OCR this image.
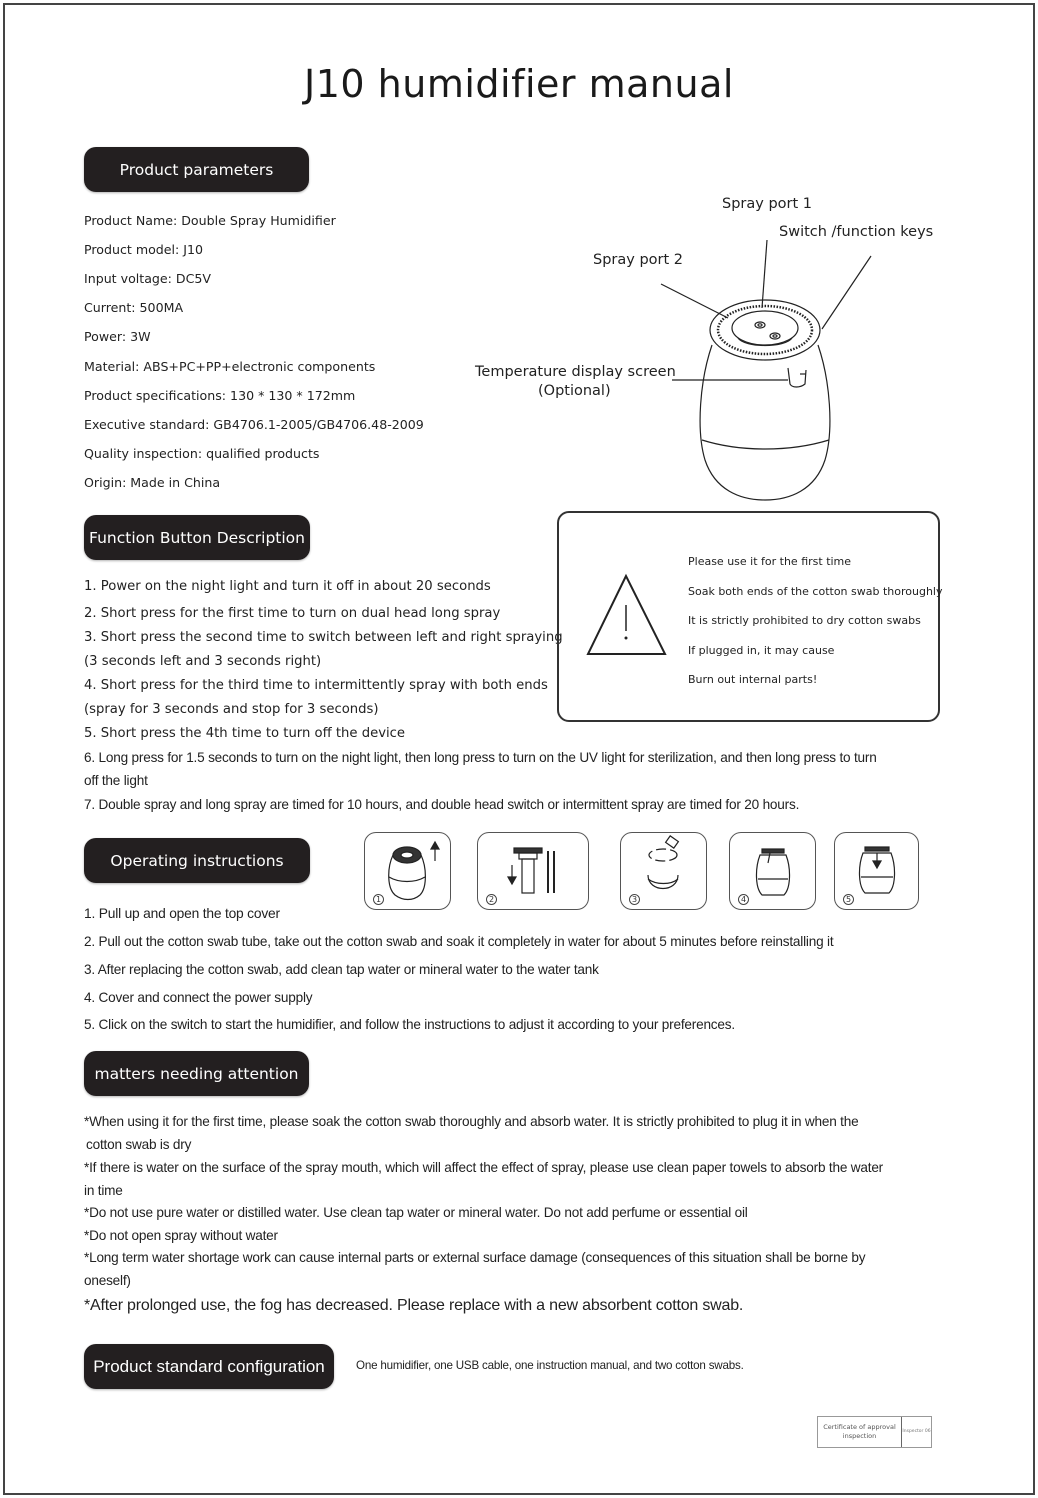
J10 humidifier manual
Product parameters
Product Name: Double Spray Humidifier
Product model: J10
Input voltage: DC5V
Current: 500MA
Power: 3W
Material: ABS+PC+PP+electronic components
Product specifications: 130 * 130 * 172mm
Executive standard: GB4706.1-2005/GB4706.48-2009
Quality inspection: qualified products
Origin: Made in China
Spray port 1
Switch /function keys
Spray port 2
Temperature display screen
(Optional)
Function Button Description
1. Power on the night light and turn it off in about 20 seconds
2. Short press for the first time to turn on dual head long spray
3. Short press the second time to switch between left and right spraying
(3 seconds left and 3 seconds right)
4. Short press for the third time to intermittently spray with both ends
(spray for 3 seconds and stop for 3 seconds)
5. Short press the 4th time to turn off the device
6. Long press for 1.5 seconds to turn on the night light, then long press to turn on the UV light for sterilization, and then long press to turn
off the light
7. Double spray and long spray are timed for 10 hours, and double head switch or intermittent spray are timed for 20 hours.
Please use it for the first time
Soak both ends of the cotton swab thoroughly
It is strictly prohibited to dry cotton swabs
If plugged in, it may cause
Burn out internal parts!
Operating instructions
1	2	3	4	5
1. Pull up and open the top cover
2. Pull out the cotton swab tube, take out the cotton swab and soak it completely in water for about 5 minutes before reinstalling it
3. After replacing the cotton swab, add clean tap water or mineral water to the water tank
4. Cover and connect the power supply
5. Click on the switch to start the humidifier, and follow the instructions to adjust it according to your preferences.
matters needing attention
*When using it for the first time, please soak the cotton swab thoroughly and absorb water. It is strictly prohibited to plug it in when the
cotton swab is dry
*If there is water on the surface of the spray mouth, which will affect the effect of spray, please use clean paper towels to absorb the water
in time
*Do not use pure water or distilled water. Use clean tap water or mineral water. Do not add perfume or essential oil
*Do not open spray without water
*Long term water shortage work can cause internal parts or external surface damage (consequences of this situation shall be borne by
oneself)
*After prolonged use, the fog has decreased. Please replace with a new absorbent cotton swab.
Product standard configuration	One humidifier, one USB cable, one instruction manual, and two cotton swabs.
Certificate of approval inspection
Inspector 06
